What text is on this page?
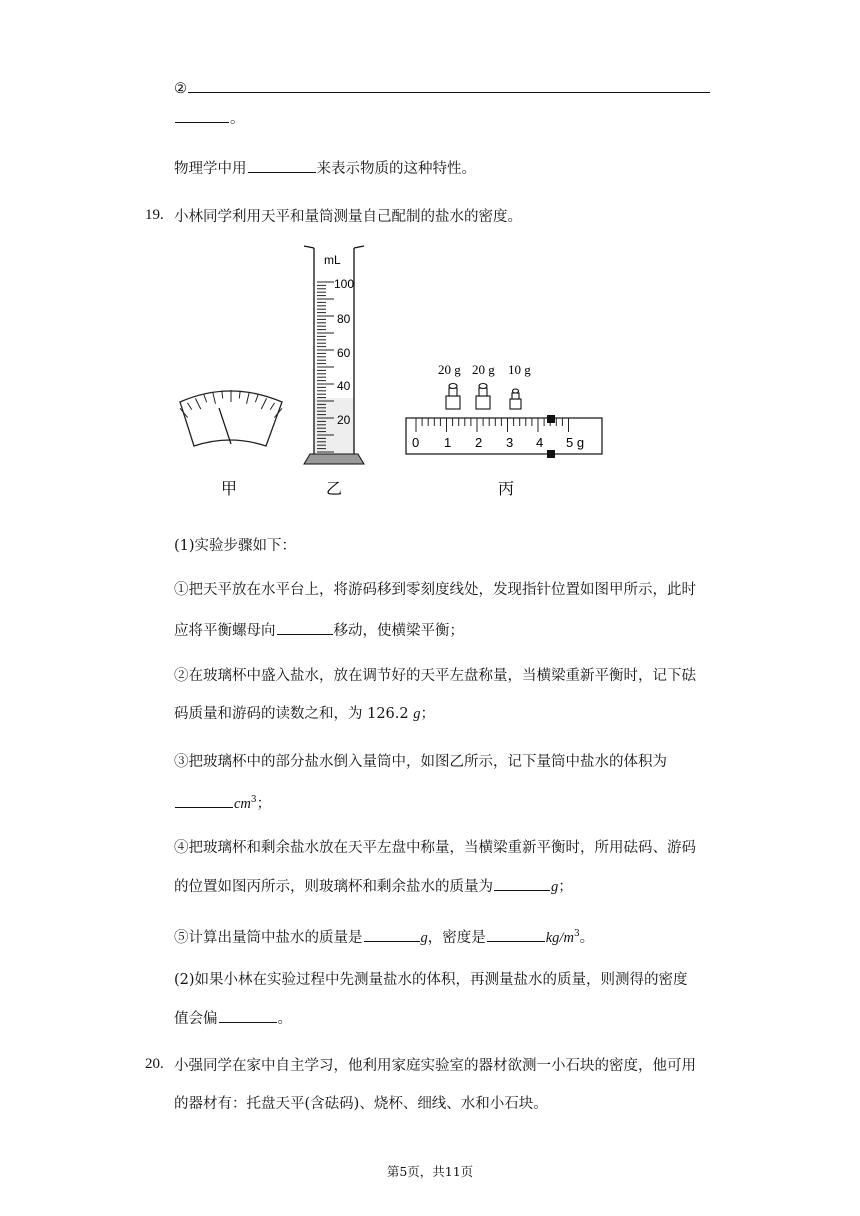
②
。
物理学中用	来表示物质的这种特性。
19. 小林同学利用天平和量筒测量自己配制的盐水的密度。
mL
100
80
60
40
20
20 g 20 g 10 g
0 1 2 3 4 5 g
甲	乙	丙
(1)实验步骤如下：
①把天平放在水平台上，将游码移到零刻度线处，发现指针位置如图甲所示，此时
应将平衡螺母向	移动，使横梁平衡；
②在玻璃杯中盛入盐水，放在调节好的天平左盘称量，当横梁重新平衡时，记下砝
码质量和游码的读数之和，为 126.2 g；
③把玻璃杯中的部分盐水倒入量筒中，如图乙所示，记下量筒中盐水的体积为
$cm^3$；
④把玻璃杯和剩余盐水放在天平左盘中称量，当横梁重新平衡时，所用砝码、游码
的位置如图丙所示，则玻璃杯和剩余盐水的质量为	g；
⑤计算出量筒中盐水的质量是	g，密度是	$kg/m^3$。
(2)如果小林在实验过程中先测量盐水的体积，再测量盐水的质量，则测得的密度
值会偏	。
20. 小强同学在家中自主学习，他利用家庭实验室的器材欲测一小石块的密度，他可用
的器材有：托盘天平(含砝码)、烧杯、细线、水和小石块。
第5页，共11页
